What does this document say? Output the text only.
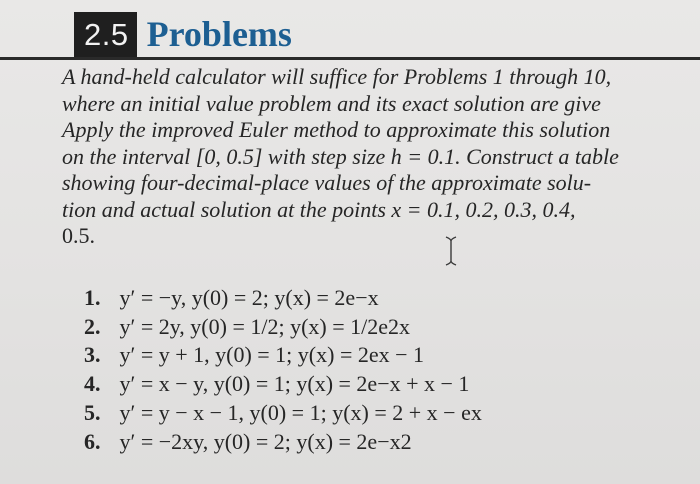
2.5 Problems
A hand-held calculator will suffice for Problems 1 through 10,
where an initial value problem and its exact solution are give
Apply the improved Euler method to approximate this solution
on the interval [0, 0.5] with step size h = 0.1. Construct a table
showing four-decimal-place values of the approximate solu-
tion and actual solution at the points x = 0.1, 0.2, 0.3, 0.4,
0.5.
1. y′ = −y, y(0) = 2; y(x) = 2e−x
2. y′ = 2y, y(0) = 1/2; y(x) = 1/2e2x
3. y′ = y + 1, y(0) = 1; y(x) = 2ex − 1
4. y′ = x − y, y(0) = 1; y(x) = 2e−x + x − 1
5. y′ = y − x − 1, y(0) = 1; y(x) = 2 + x − ex
6. y′ = −2xy, y(0) = 2; y(x) = 2e−x2
